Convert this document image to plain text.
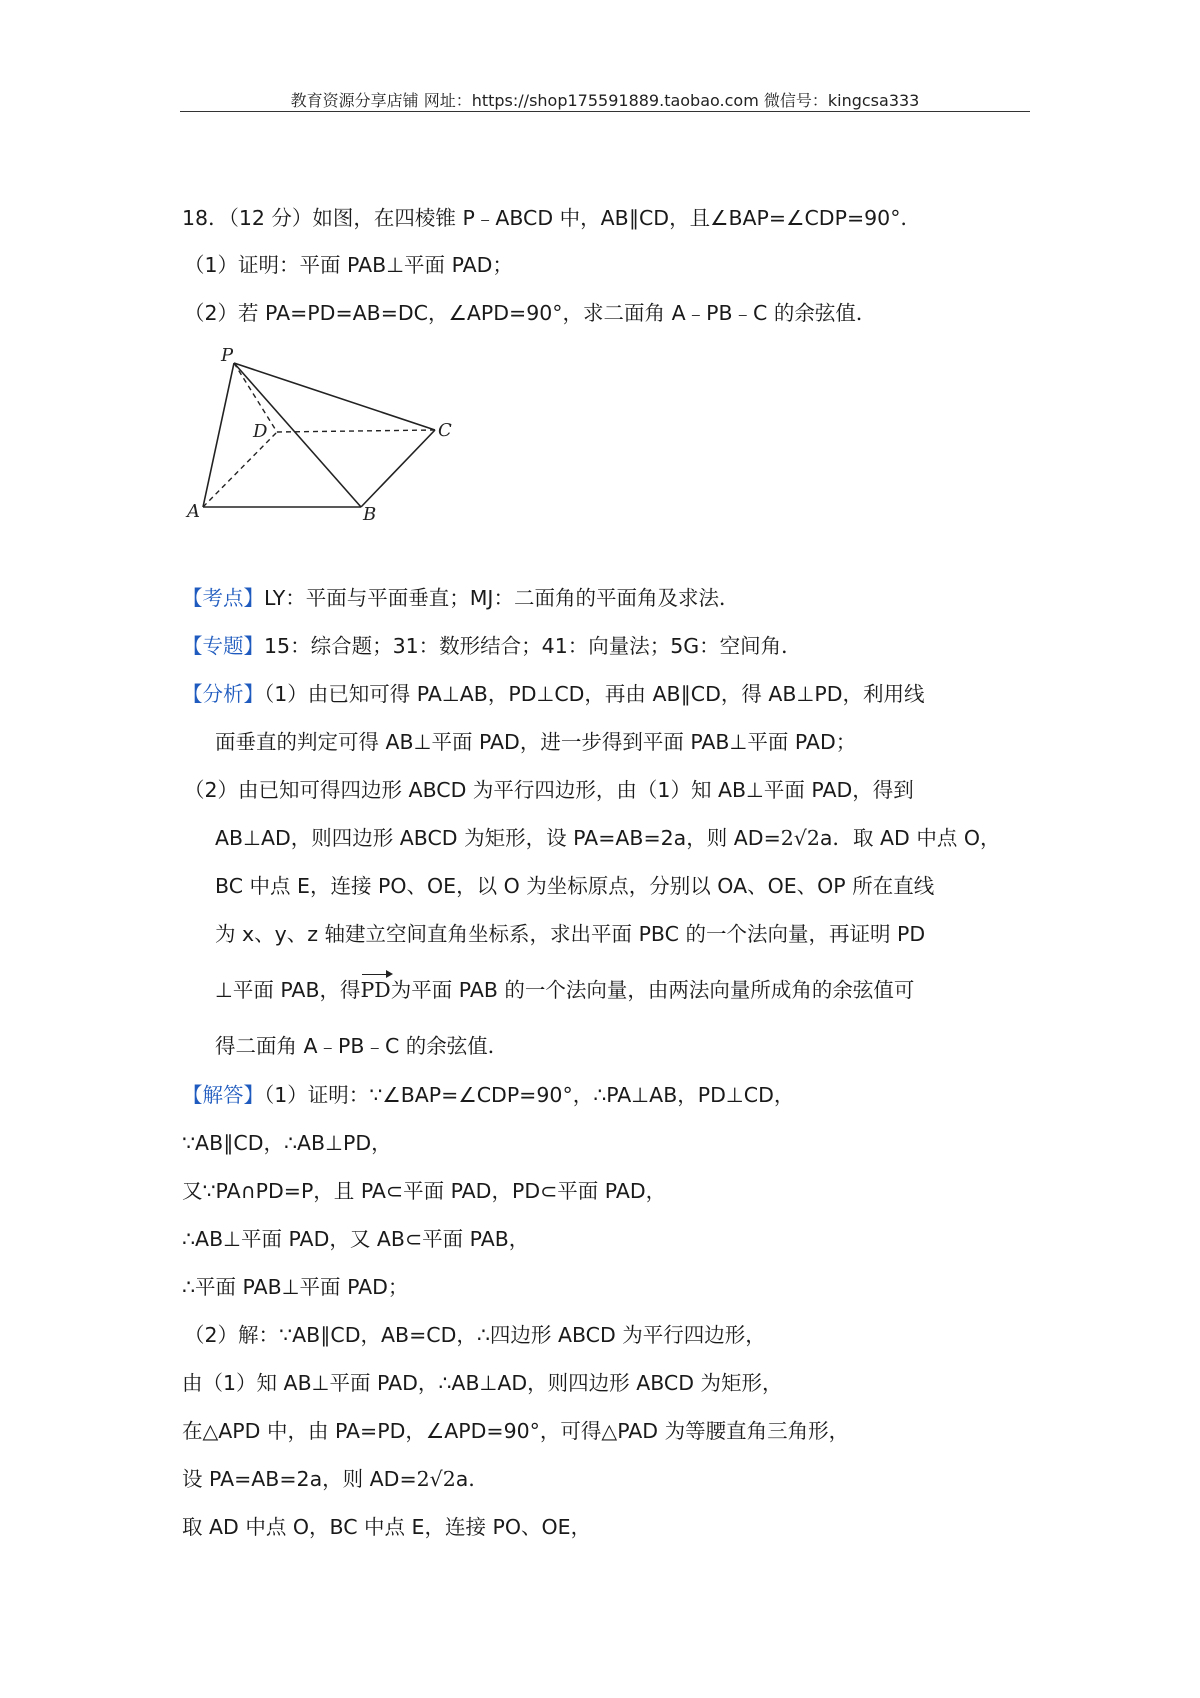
教育资源分享店铺 网址：https://shop175591889.taobao.com 微信号：kingcsa333
18．（12 分）如图，在四棱锥 P﹣ABCD 中，AB∥CD，且∠BAP=∠CDP=90°．
（1）证明：平面 PAB⊥平面 PAD；
（2）若 PA=PD=AB=DC，∠APD=90°，求二面角 A﹣PB﹣C 的余弦值．
P
D	C
A	B
【考点】LY：平面与平面垂直；MJ：二面角的平面角及求法．
【专题】15：综合题；31：数形结合；41：向量法；5G：空间角．
【分析】（1）由已知可得 PA⊥AB，PD⊥CD，再由 AB∥CD，得 AB⊥PD，利用线
面垂直的判定可得 AB⊥平面 PAD，进一步得到平面 PAB⊥平面 PAD；
（2）由已知可得四边形 ABCD 为平行四边形，由（1）知 AB⊥平面 PAD，得到
AB⊥AD，则四边形 ABCD 为矩形，设 PA=AB=2a，则 AD=2√2a．取 AD 中点 O，
BC 中点 E，连接 PO、OE，以 O 为坐标原点，分别以 OA、OE、OP 所在直线
为 x、y、z 轴建立空间直角坐标系，求出平面 PBC 的一个法向量，再证明 PD
⊥平面 PAB，得PD为平面 PAB 的一个法向量，由两法向量所成角的余弦值可
得二面角 A﹣PB﹣C 的余弦值．
【解答】（1）证明：∵∠BAP=∠CDP=90°，∴PA⊥AB，PD⊥CD，
∵AB∥CD，∴AB⊥PD，
又∵PA∩PD=P，且 PA⊂平面 PAD，PD⊂平面 PAD，
∴AB⊥平面 PAD，又 AB⊂平面 PAB，
∴平面 PAB⊥平面 PAD；
（2）解：∵AB∥CD，AB=CD，∴四边形 ABCD 为平行四边形，
由（1）知 AB⊥平面 PAD，∴AB⊥AD，则四边形 ABCD 为矩形，
在△APD 中，由 PA=PD，∠APD=90°，可得△PAD 为等腰直角三角形，
设 PA=AB=2a，则 AD=2√2a．
取 AD 中点 O，BC 中点 E，连接 PO、OE，
